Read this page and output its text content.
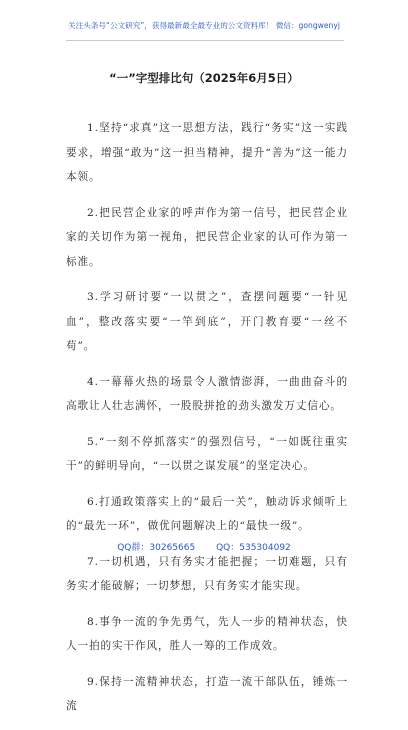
关注头条号“公文研究”，获得最新最全最专业的公文资料库！ 微信：gongwenyj
“一”字型排比句（2025年6月5日）

1.坚持“求真”这一思想方法，践行“务实”这一实践要求，增强“敢为”这一担当精神，提升“善为”这一能力本领。

2.把民营企业家的呼声作为第一信号，把民营企业家的关切作为第一视角，把民营企业家的认可作为第一标准。

3.学习研讨要“一以贯之”，查摆问题要“一针见血”，整改落实要“一竿到底”，开门教育要“一丝不苟”。

4.一幕幕火热的场景令人激情澎湃，一曲曲奋斗的高歌让人壮志满怀，一股股拼抢的劲头激发万丈信心。

5.“一刻不停抓落实”的强烈信号，“一如既往重实干”的鲜明导向，“一以贯之谋发展”的坚定决心。

6.打通政策落实上的“最后一关”，触动诉求倾听上的“最先一环”，做优问题解决上的“最快一级”。

7.一切机遇，只有务实才能把握；一切难题，只有务实才能破解；一切梦想，只有务实才能实现。

8.事争一流的争先勇气，先人一步的精神状态，快人一拍的实干作风，胜人一筹的工作成效。

9.保持一流精神状态，打造一流干部队伍，锤炼一流

QQ群：30265665 QQ：535304092
